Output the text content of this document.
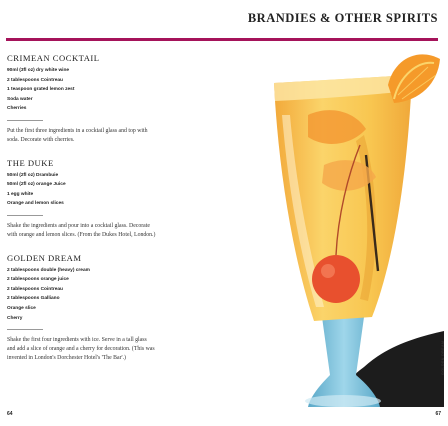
BRANDIES & OTHER SPIRITS
CRIMEAN COCKTAIL
90ml (3fl oz) dry white wine
2 tablespoons Cointreau
1 teaspoon grated lemon zest
Soda water
Cherries
Put the first three ingredients in a cocktail glass and top with
soda. Decorate with cherries.
THE DUKE
50ml (2fl oz) Drambuie
50ml (2fl oz) orange Juice
1 egg white
Orange and lemon slices
Shake the ingredients and pour into a cocktail glass. Decorate
with orange and lemon slices. (From the Dukes Hotel, London.)
GOLDEN DREAM
2 tablespoons double (heavy) cream
2 tablespoons orange juice
2 tablespoons Cointreau
2 tablespoons Galliano
Orange slice
Cherry
Shake the first four ingredients with ice. Serve in a tall glass
and add a slice of orange and a cherry for decoration. (This was
invented in London's Dorchester Hotel's 'The Bar'.)	GOLDEN DREAM
64	67
